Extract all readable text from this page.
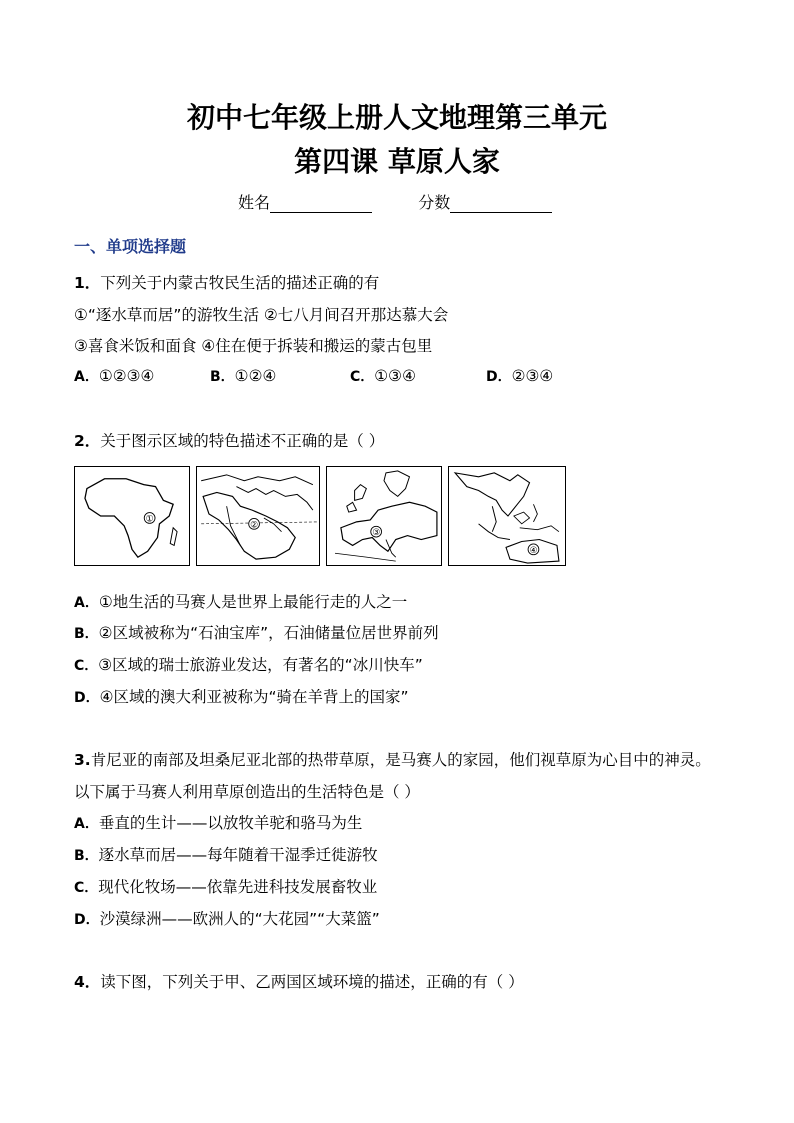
初中七年级上册人文地理第三单元
第四课 草原人家
姓名	分数
一、单项选择题
1．下列关于内蒙古牧民生活的描述正确的有
①“逐水草而居”的游牧生活 ②七八月间召开那达慕大会
③喜食米饭和面食 ④住在便于拆装和搬运的蒙古包里
A．①②③④	B．①②④	C．①③④	D．②③④
2．关于图示区域的特色描述不正确的是（ ）
①
②
③
④
A．①地生活的马赛人是世界上最能行走的人之一
B．②区域被称为“石油宝库”，石油储量位居世界前列
C．③区域的瑞士旅游业发达，有著名的“冰川快车”
D．④区域的澳大利亚被称为“骑在羊背上的国家”
3.肯尼亚的南部及坦桑尼亚北部的热带草原，是马赛人的家园，他们视草原为心目中的神灵。
以下属于马赛人利用草原创造出的生活特色是（ ）
A．垂直的生计——以放牧羊驼和骆马为生
B．逐水草而居——每年随着干湿季迁徙游牧
C．现代化牧场——依靠先进科技发展畜牧业
D．沙漠绿洲——欧洲人的“大花园”“大菜篮”
4．读下图，下列关于甲、乙两国区域环境的描述，正确的有（ ）
